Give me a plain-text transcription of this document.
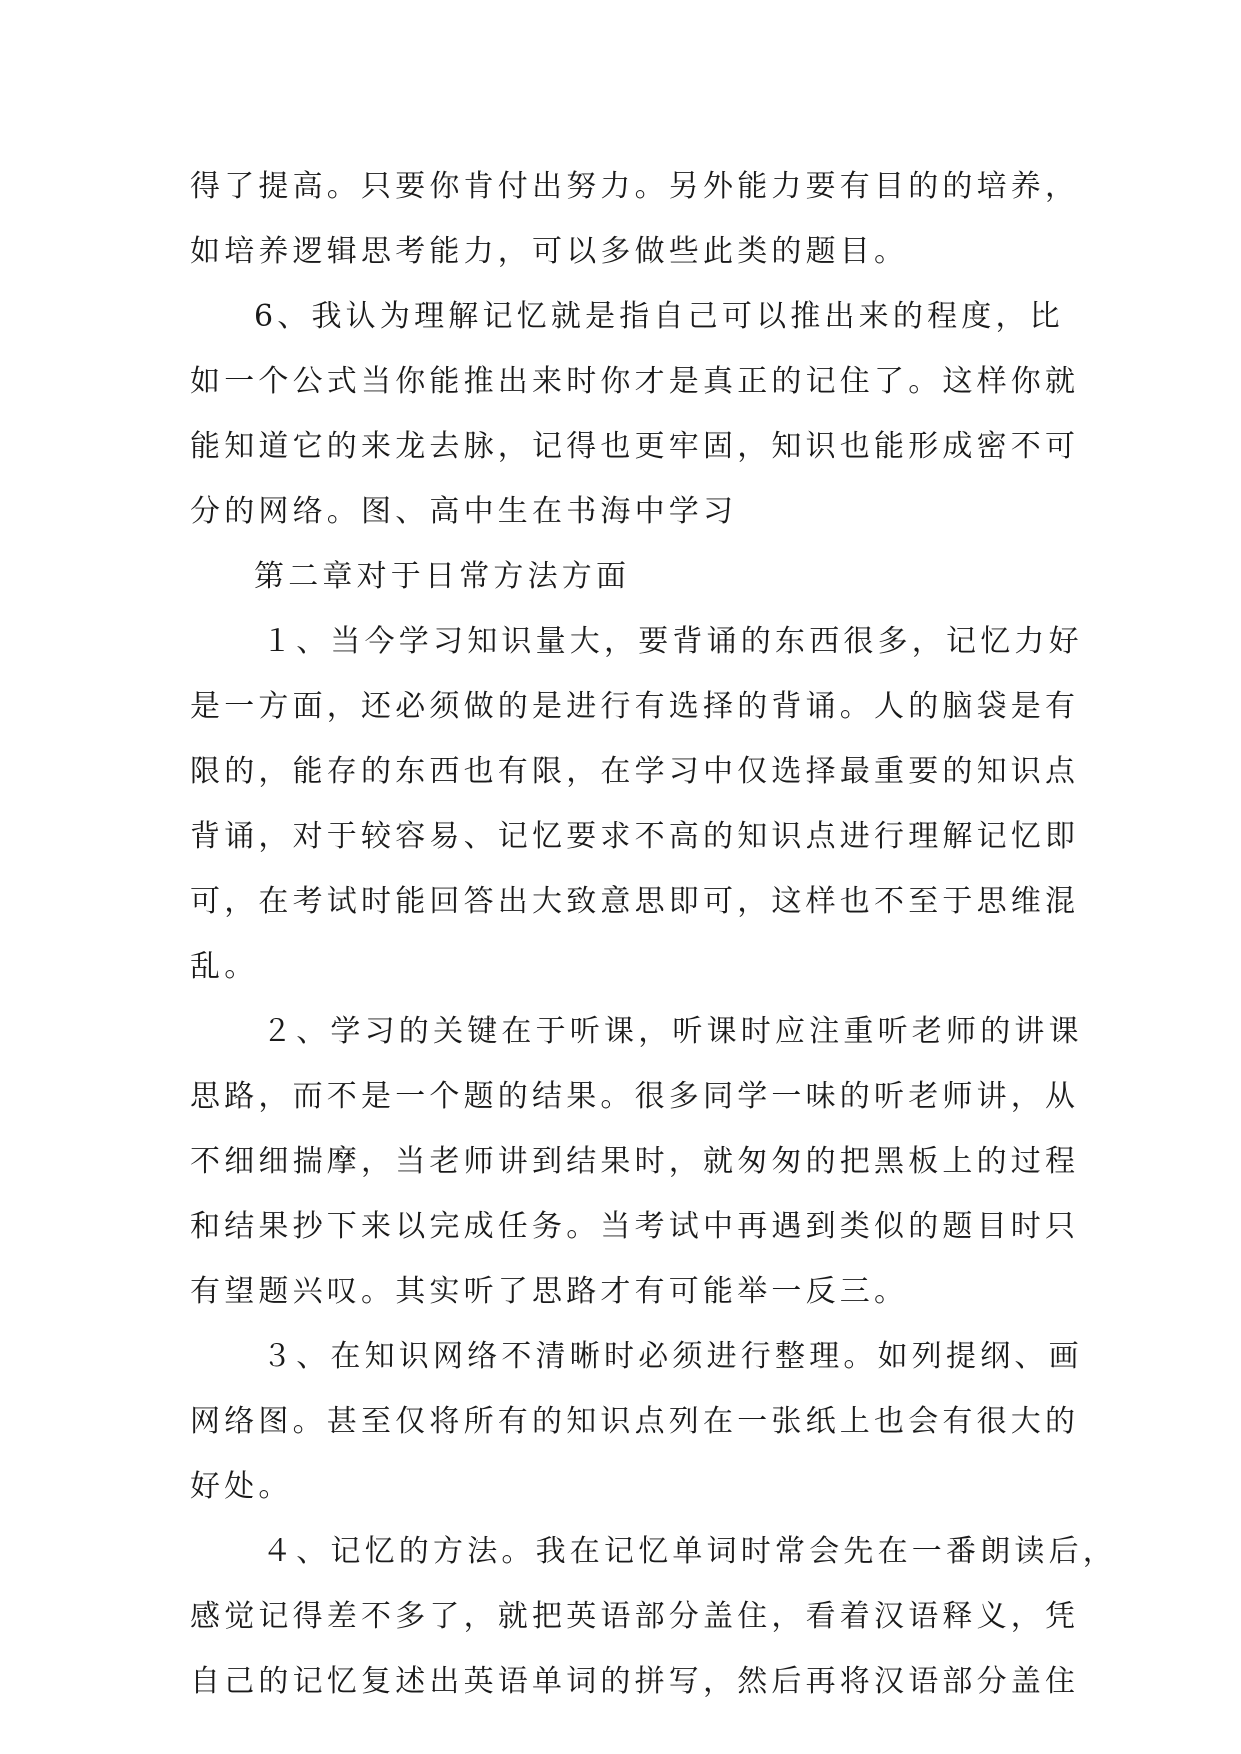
得了提高。只要你肯付出努力。另外能力要有目的的培养，
如培养逻辑思考能力，可以多做些此类的题目。
6、我认为理解记忆就是指自己可以推出来的程度，比
如一个公式当你能推出来时你才是真正的记住了。这样你就
能知道它的来龙去脉，记得也更牢固，知识也能形成密不可
分的网络。图、高中生在书海中学习
第二章对于日常方法方面
１、当今学习知识量大，要背诵的东西很多，记忆力好
是一方面，还必须做的是进行有选择的背诵。人的脑袋是有
限的，能存的东西也有限，在学习中仅选择最重要的知识点
背诵，对于较容易、记忆要求不高的知识点进行理解记忆即
可，在考试时能回答出大致意思即可，这样也不至于思维混
乱。
２、学习的关键在于听课，听课时应注重听老师的讲课
思路，而不是一个题的结果。很多同学一味的听老师讲，从
不细细揣摩，当老师讲到结果时，就匆匆的把黑板上的过程
和结果抄下来以完成任务。当考试中再遇到类似的题目时只
有望题兴叹。其实听了思路才有可能举一反三。
３、在知识网络不清晰时必须进行整理。如列提纲、画
网络图。甚至仅将所有的知识点列在一张纸上也会有很大的
好处。
４、记忆的方法。我在记忆单词时常会先在一番朗读后，
感觉记得差不多了，就把英语部分盖住，看着汉语释义，凭
自己的记忆复述出英语单词的拼写，然后再将汉语部分盖住
